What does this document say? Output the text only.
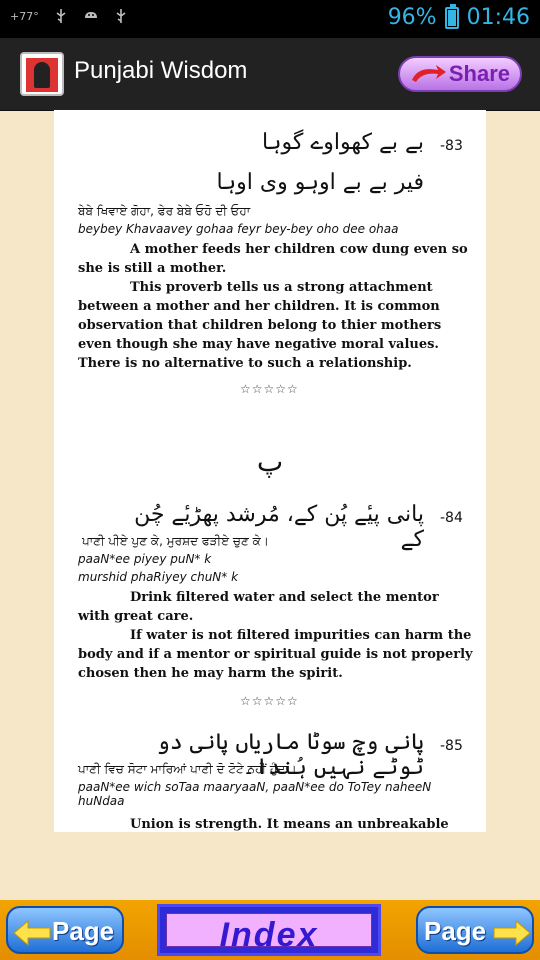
+77°	96% 01:46
Punjabi Wisdom	Share
-83
بے بے کھواوے گوہا
فیر بے بے اوہو وی اوہا
ਬੇਬੇ ਖਿਵਾਏ ਗੋਹਾ, ਫੇਰ ਬੇਬੇ ਓਹੋ ਦੀ ਓਹਾ
beybey Khavaavey gohaa feyr bey-bey oho dee ohaa
A mother feeds her children cow dung even so she is still a mother.
This proverb tells us a strong attachment between a mother and her children. It is common observation that children belong to thier mothers even though she may have negative moral values. There is no alternative to such a relationship.
☆☆☆☆☆
پ
-84
پانی پیٔے پُن کے، مُرشد پھڑیٔے چُن کے
ਪਾਣੀ ਪੀਏ ਪੁਣ ਕੇ, ਮੁਰਸ਼ਦ ਫੜੀਏ ਚੁਣ ਕੇ।
paaN*ee piyey puN* k
murshid phaRiyey chuN* k
Drink filtered water and select the mentor with great care.
If water is not filtered impurities can harm the body and if a mentor or spiritual guide is not properly chosen then he may harm the spirit.
☆☆☆☆☆
-85
پانی وچ سوٹا ماریاں پانی دو ٹوٹے نہیں ہُندا۔
ਪਾਣੀ ਵਿਚ ਸੋਟਾ ਮਾਰਿਆਂ ਪਾਣੀ ਦੋ ਟੋਟੇ ਨਹੀਂ ਹੁੰਦਾ।
paaN*ee wich soTaa maaryaaN, paaN*ee do ToTey naheeN huNdaa
Union is strength. It means an unbreakable
Page	Index	Page
